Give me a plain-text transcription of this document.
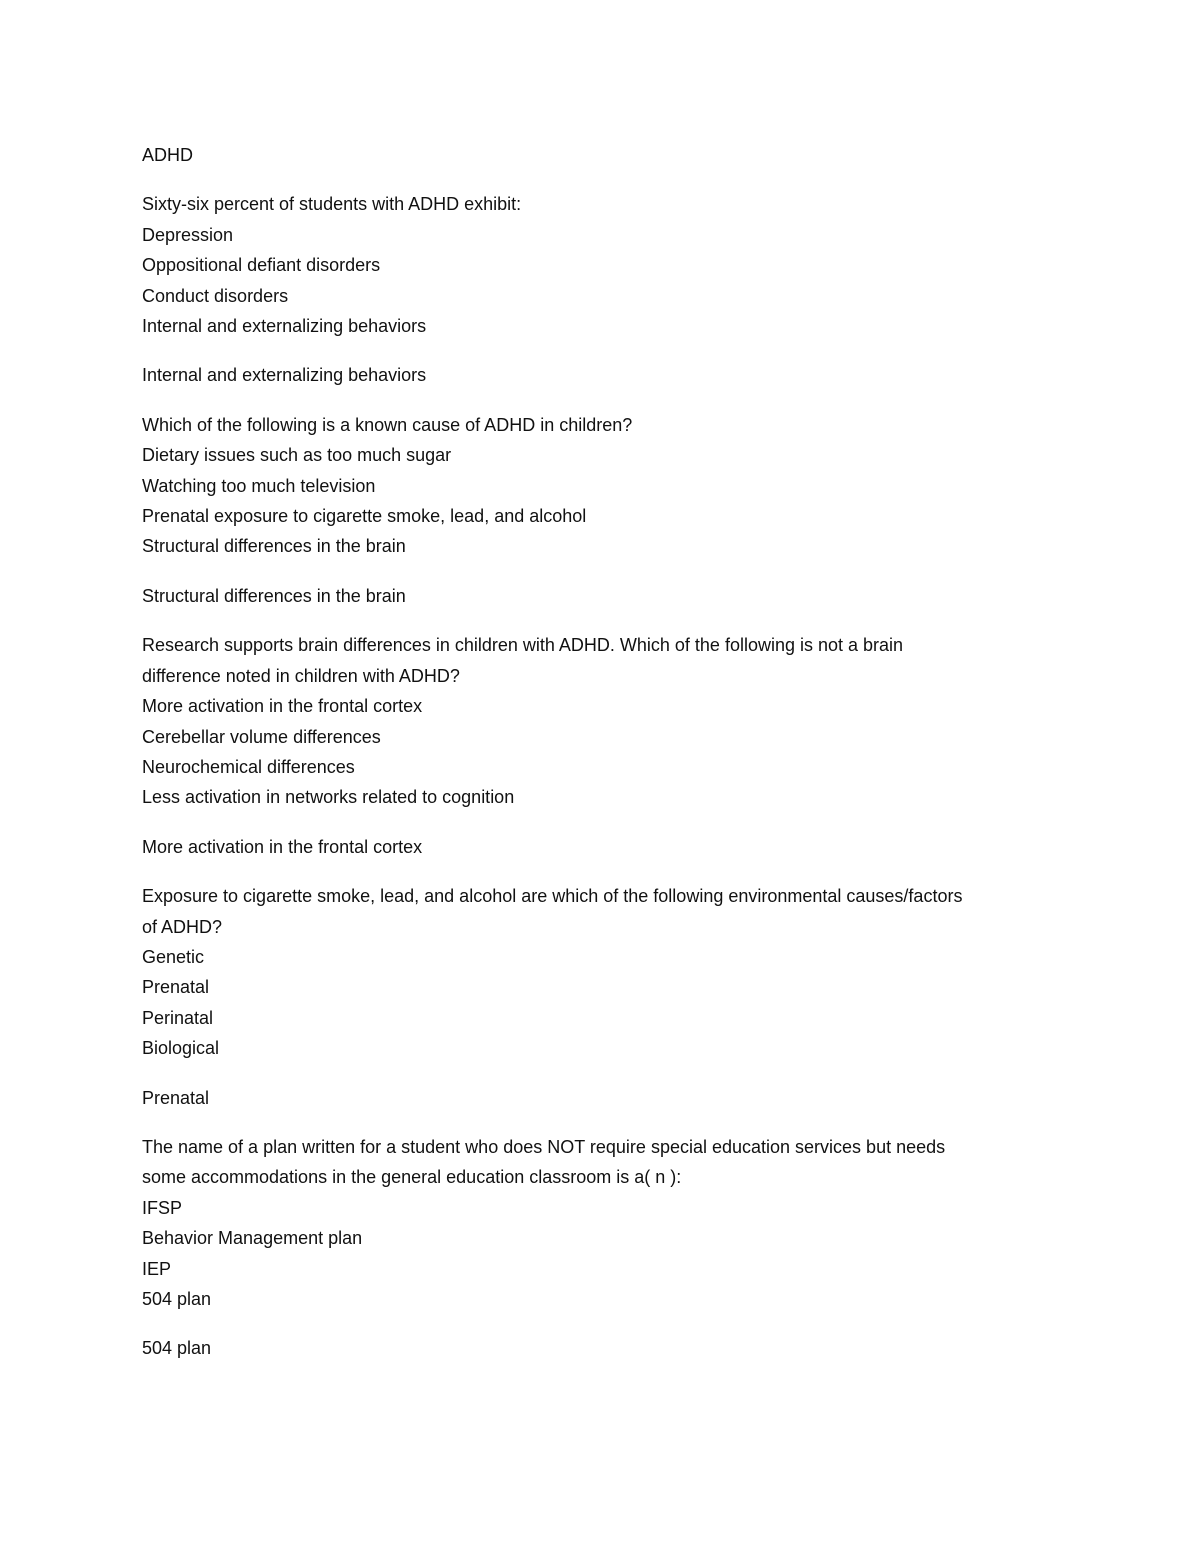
ADHD
Sixty-six percent of students with ADHD exhibit:
Depression
Oppositional defiant disorders
Conduct disorders
Internal and externalizing behaviors
Internal and externalizing behaviors
Which of the following is a known cause of ADHD in children?
Dietary issues such as too much sugar
Watching too much television
Prenatal exposure to cigarette smoke, lead, and alcohol
Structural differences in the brain
Structural differences in the brain
Research supports brain differences in children with ADHD. Which of the following is not a brain
difference noted in children with ADHD?
More activation in the frontal cortex
Cerebellar volume differences
Neurochemical differences
Less activation in networks related to cognition
More activation in the frontal cortex
Exposure to cigarette smoke, lead, and alcohol are which of the following environmental causes/factors
of ADHD?
Genetic
Prenatal
Perinatal
Biological
Prenatal
The name of a plan written for a student who does NOT require special education services but needs
some accommodations in the general education classroom is a( n ):
IFSP
Behavior Management plan
IEP
504 plan
504 plan
